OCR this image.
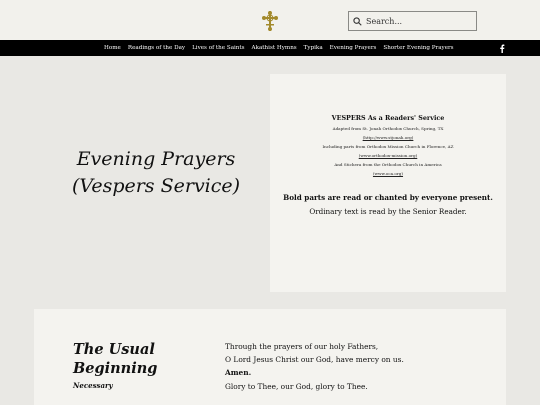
Search...
Home Readings of the Day Lives of the Saints Akathist Hymns Typika Evening Prayers Shorter Evening Prayers
Evening Prayers
(Vespers Service)
VESPERS As a Readers' Service
Adapted from St. Jonah Orthodox Church, Spring, TX
(http://www.stjonah.org)
Including parts from Orthodox Mission Church in Florence, AZ
(www.orthodox-mission.org)
And Stichera from the Orthodox Church in America
(www.oca.org)
Bold parts are read or chanted by everyone present.
Ordinary text is read by the Senior Reader.
The Usual
Beginning
Necessary
Through the prayers of our holy Fathers,
O Lord Jesus Christ our God, have mercy on us.
Amen.
Glory to Thee, our God, glory to Thee.
